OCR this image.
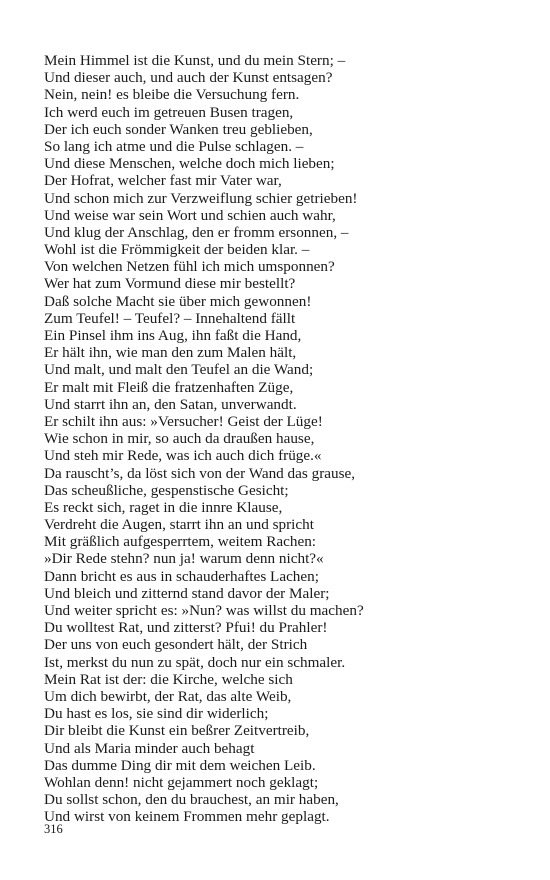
Mein Himmel ist die Kunst, und du mein Stern; –
Und dieser auch, und auch der Kunst entsagen?
Nein, nein! es bleibe die Versuchung fern.
Ich werd euch im getreuen Busen tragen,
Der ich euch sonder Wanken treu geblieben,
So lang ich atme und die Pulse schlagen. –
Und diese Menschen, welche doch mich lieben;
Der Hofrat, welcher fast mir Vater war,
Und schon mich zur Verzweiflung schier getrieben!
Und weise war sein Wort und schien auch wahr,
Und klug der Anschlag, den er fromm ersonnen, –
Wohl ist die Frömmigkeit der beiden klar. –
Von welchen Netzen fühl ich mich umsponnen?
Wer hat zum Vormund diese mir bestellt?
Daß solche Macht sie über mich gewonnen!
Zum Teufel! – Teufel? – Innehaltend fällt
Ein Pinsel ihm ins Aug, ihn faßt die Hand,
Er hält ihn, wie man den zum Malen hält,
Und malt, und malt den Teufel an die Wand;
Er malt mit Fleiß die fratzenhaften Züge,
Und starrt ihn an, den Satan, unverwandt.
Er schilt ihn aus: »Versucher! Geist der Lüge!
Wie schon in mir, so auch da draußen hause,
Und steh mir Rede, was ich auch dich früge.«
Da rauscht’s, da löst sich von der Wand das grause,
Das scheußliche, gespenstische Gesicht;
Es reckt sich, raget in die innre Klause,
Verdreht die Augen, starrt ihn an und spricht
Mit gräßlich aufgesperrtem, weitem Rachen:
»Dir Rede stehn? nun ja! warum denn nicht?«
Dann bricht es aus in schauderhaftes Lachen;
Und bleich und zitternd stand davor der Maler;
Und weiter spricht es: »Nun? was willst du machen?
Du wolltest Rat, und zitterst? Pfui! du Prahler!
Der uns von euch gesondert hält, der Strich
Ist, merkst du nun zu spät, doch nur ein schmaler.
Mein Rat ist der: die Kirche, welche sich
Um dich bewirbt, der Rat, das alte Weib,
Du hast es los, sie sind dir widerlich;
Dir bleibt die Kunst ein beßrer Zeitvertreib,
Und als Maria minder auch behagt
Das dumme Ding dir mit dem weichen Leib.
Wohlan denn! nicht gejammert noch geklagt;
Du sollst schon, den du brauchest, an mir haben,
Und wirst von keinem Frommen mehr geplagt.
316
